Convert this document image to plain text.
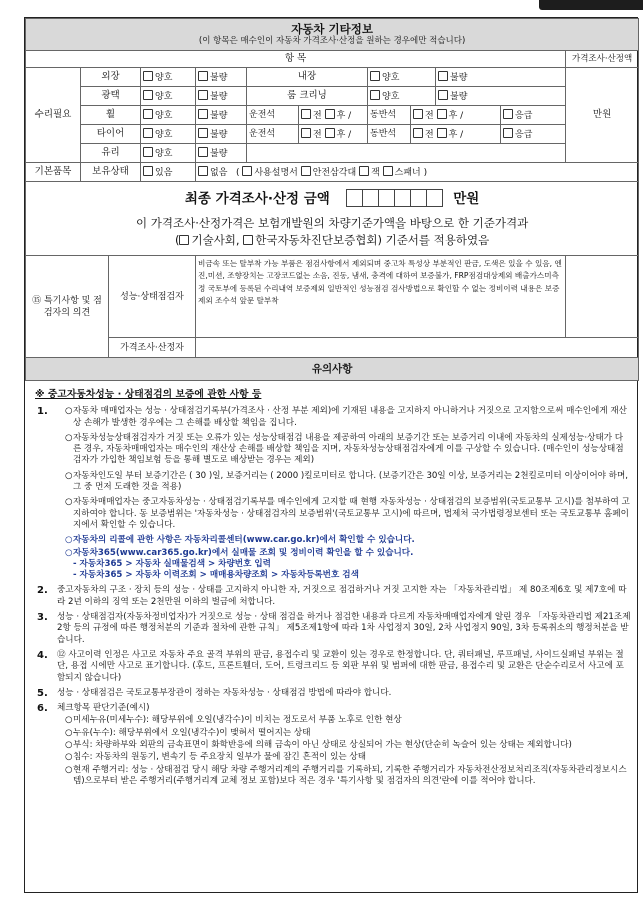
자동차 기타정보
(이 항목은 매수인이 자동차 가격조사·산정을 원하는 경우에만 적습니다)											

항 목											가격조사·산정액
수리필요	외장		양호	불량	내장		양호		불량		만원
	광택		양호	불량	룸 크리닝		양호		불량		
	휠		양호	불량	운전석	전 후 /	동반석	전 후 /		응급	
	타이어		양호	불량	운전석	전 후 /	동반석	전 후 /		응급	
	유리		양호	불량							

기본품목	보유상태		있음	없음   ( 사용설명서 안전삼각대 잭 스패너 )							

최종 가격조사·산정 금액 만원
이 가격조사·산정가격은 보험개발원의 차량기준가액을 바탕으로 한 기준가격과
( 기술사회, 한국자동차진단보증협회) 기준서를 적용하였음											

⑮ 특기사항 및 점검자의 의견		성능·상태점검자		비금속 또는 탈부착 가능 부품은 점검사항에서 제외되며 중고차 특성상 부분적인 판금, 도색은 있을 수 있음, 엔진,미션, 조향장치는 고장코드없는 소음, 진동, 냄새, 충격에 대하여 보증불가, FRP점검대상제외 배출가스미측정 국토부에 등록된 수리내역 보증제외 일반적인 성능점검 검사방법으로 확인할 수 없는 정비이력 내용은 보증제외 조수석 앞문 탈부착							
		가격조사·산정자									
유의사항											
※ 중고자동차성능 · 상태점검의 보증에 관한 사항 등
1. ○ 자동차 매매업자는 성능 · 상태점검기록부(가격조사 · 산정 부분 제외)에 기재된 내용을 고지하지 아니하거나 거짓으로 고지함으로써 매수인에게 재산상 손해가 발생한 경우에는 그 손해를 배상할 책임을 집니다.
○ 자동차성능상태점검자가 거짓 또는 오류가 있는 성능상태점검 내용을 제공하여 아래의 보증기간 또는 보증거리 이내에 자동차의 실제성능·상태가 다른 경우, 자동차매매업자는 매수인의 재산상 손해를 배상할 책임을 지며, 자동차성능상태점검자에게 이를 구상할 수 있습니다. (매수인이 성능상태점검자가 가입한 책임보험 등을 통해 별도로 배상받는 경우는 제외)
○ 자동차인도일 부터 보증기간은 ( 30 )일, 보증거리는 ( 2000 )킬로미터로 합니다. (보증기간은 30일 이상, 보증거리는 2천킬로미터 이상이어야 하며, 그 중 먼저 도래한 것을 적용)
○ 자동차매매업자는 중고자동차성능 · 상태점검기록부를 매수인에게 고지할 때 현행 자동차성능 · 상태점검의 보증범위(국토교통부 고시)를 첨부하여 고지하여야 합니다. 동 보증범위는 '자동차성능 · 상태점검자의 보증범위'(국토교통부 고시)에 따르며, 법제처 국가법령정보센터 또는 국토교통부 홈페이지에서 확인할 수 있습니다.
○ 자동차의 리콜에 관한 사항은 자동차리콜센터(www.car.go.kr)에서 확인할 수 있습니다.
○ 자동차365(www.car365.go.kr)에서 실매물 조회 및 정비이력 확인을 할 수 있습니다.
- 자동차365 > 자동차 실매물검색 > 차량번호 입력
- 자동차365 > 자동차 이력조회 > 매매용차량조회 > 자동차등록번호 검색
2. 중고자동차의 구조 · 장치 등의 성능 · 상태를 고지하지 아니한 자, 거짓으로 점검하거나 거짓 고지한 자는 「자동차관리법」 제 80조제6호 및 제7호에 따라 2년 이하의 징역 또는 2천만원 이하의 벌금에 처합니다.
3. 성능 · 상태점검자(자동차정비업자)가 거짓으로 성능 · 상태 점검을 하거나 점검한 내용과 다르게 자동차매매업자에게 알린 경우 「자동차관리법 제21조제2항 등의 규정에 따른 행정처분의 기준과 절차에 관한 규칙」 제5조제1항에 따라 1차 사업정지 30일, 2차 사업정지 90일, 3차 등록취소의 행정처분을 받습니다.
4. ⑫ 사고이력 인정은 사고로 자동차 주요 골격 부위의 판금, 용접수리 및 교환이 있는 경우로 한정합니다. 단, 쿼터패널, 루프패널, 사이드실패널 부위는 절단, 용접 시에만 사고로 표기합니다. (후드, 프론트휀더, 도어, 트렁크리드 등 외판 부위 및 범퍼에 대한 판금, 용접수리 및 교환은 단순수리로서 사고에 포함되지 않습니다)
5. 성능 · 상태점검은 국토교통부장관이 정하는 자동차성능 · 상태점검 방법에 따라야 합니다.
6. 체크항목 판단기준(예시)
○ 미세누유(미세누수): 해당부위에 오일(냉각수)이 비치는 정도로서 부품 노후로 인한 현상
○ 누유(누수): 해당부위에서 오일(냉각수)이 맺혀서 떨어지는 상태
○ 부식: 차량하부와 외판의 금속표면이 화학반응에 의해 금속이 아닌 상태로 상실되어 가는 현상(단순히 녹슬어 있는 상태는 제외합니다)
○ 침수: 자동차의 원동기, 변속기 등 주요장치 일부가 물에 잠긴 흔적이 있는 상태
○ 현재 주행거리: 성능 · 상태점검 당시 해당 차량 주행거리계의 주행거리를 기록하되, 기록한 주행거리가 자동차전산정보처리조직(자동차관리정보시스템)으로부터 받은 주행거리(주행거리계 교체 정보 포함)보다 적은 경우 '특기사항 및 점검자의 의견'란에 이를 적어야 합니다.
